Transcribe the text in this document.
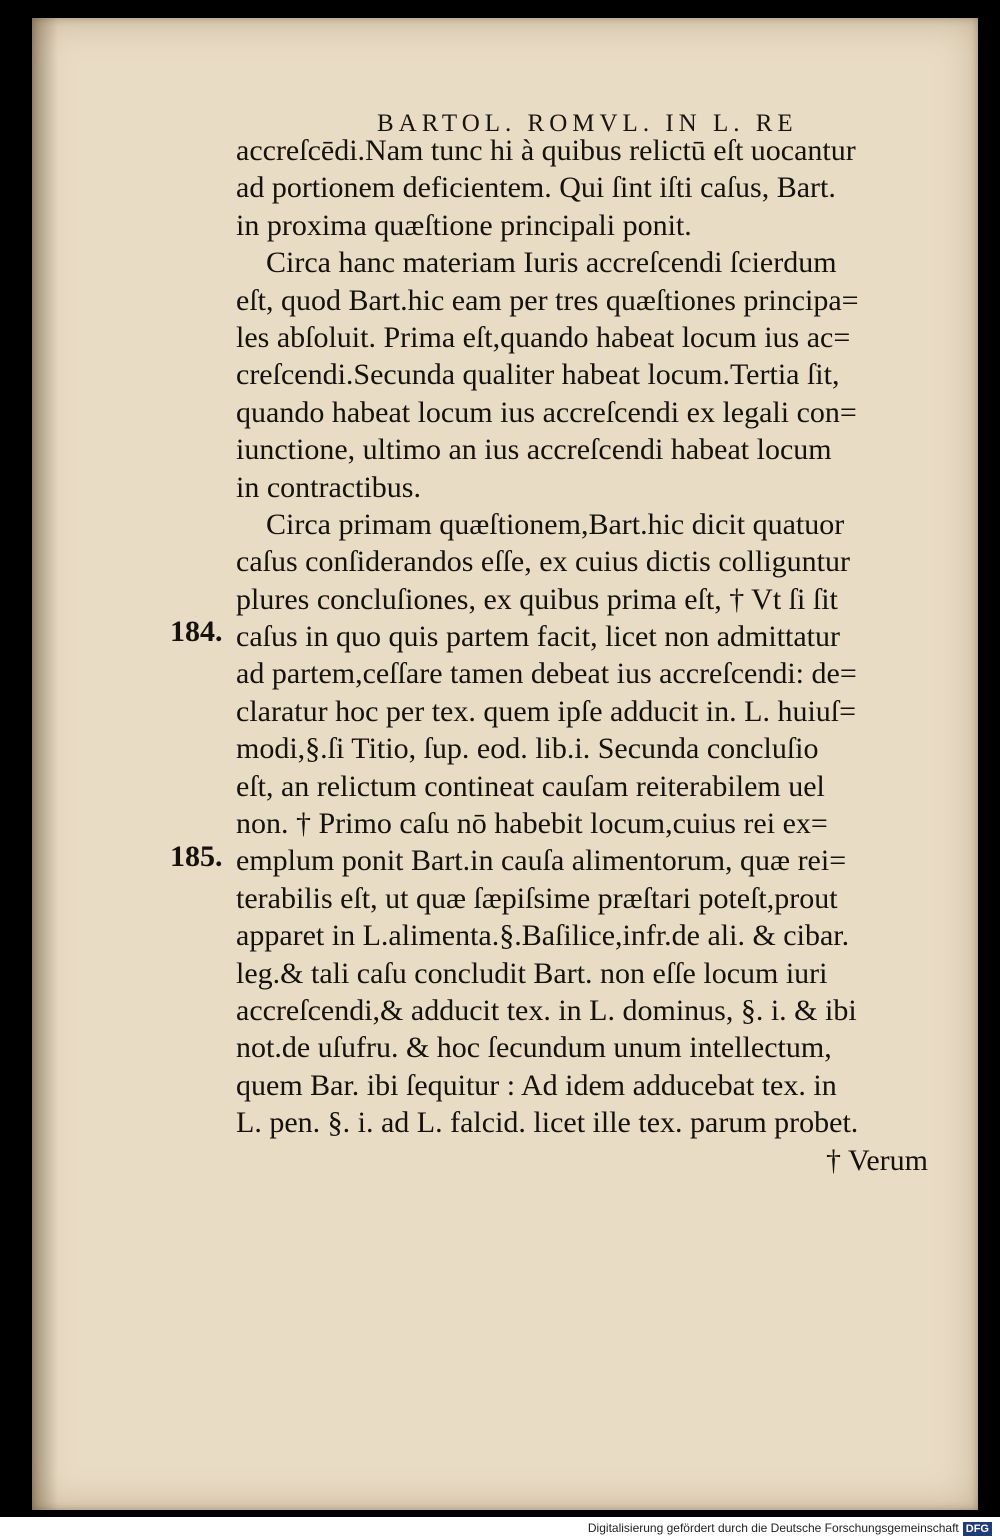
BARTOL. ROMVL. IN L. RE
184.
185.
accreſcēdi.Nam tunc hi à quibus relictū eſt uocantur
ad portionem deficientem. Qui ſint iſti caſus, Bart.
in proxima quæſtione principali ponit.
Circa hanc materiam Iuris accreſcendi ſcierdum
eſt, quod Bart.hic eam per tres quæſtiones principa=
les abſoluit. Prima eſt,quando habeat locum ius ac=
creſcendi.Secunda qualiter habeat locum.Tertia ſit,
quando habeat locum ius accreſcendi ex legali con=
iunctione, ultimo an ius accreſcendi habeat locum
in contractibus.
Circa primam quæſtionem,Bart.hic dicit quatuor
caſus conſiderandos eſſe, ex cuius dictis colliguntur
plures concluſiones, ex quibus prima eſt, † Vt ſi ſit
caſus in quo quis partem facit, licet non admittatur
ad partem,ceſſare tamen debeat ius accreſcendi: de=
claratur hoc per tex. quem ipſe adducit in. L. huiuſ=
modi,§.ſi Titio, ſup. eod. lib.i. Secunda concluſio
eſt, an relictum contineat cauſam reiterabilem uel
non. † Primo caſu nō habebit locum,cuius rei ex=
emplum ponit Bart.in cauſa alimentorum, quæ rei=
terabilis eſt, ut quæ ſæpiſsime præſtari poteſt,prout
apparet in L.alimenta.§.Baſilice,infr.de ali. & cibar.
leg.& tali caſu concludit Bart. non eſſe locum iuri
accreſcendi,& adducit tex. in L. dominus, §. i. & ibi
not.de uſufru. & hoc ſecundum unum intellectum,
quem Bar. ibi ſequitur : Ad idem adducebat tex. in
L. pen. §. i. ad L. falcid. licet ille tex. parum probet.
† Verum
Digitalisierung gefördert durch die Deutsche Forschungsgemeinschaft DFG
